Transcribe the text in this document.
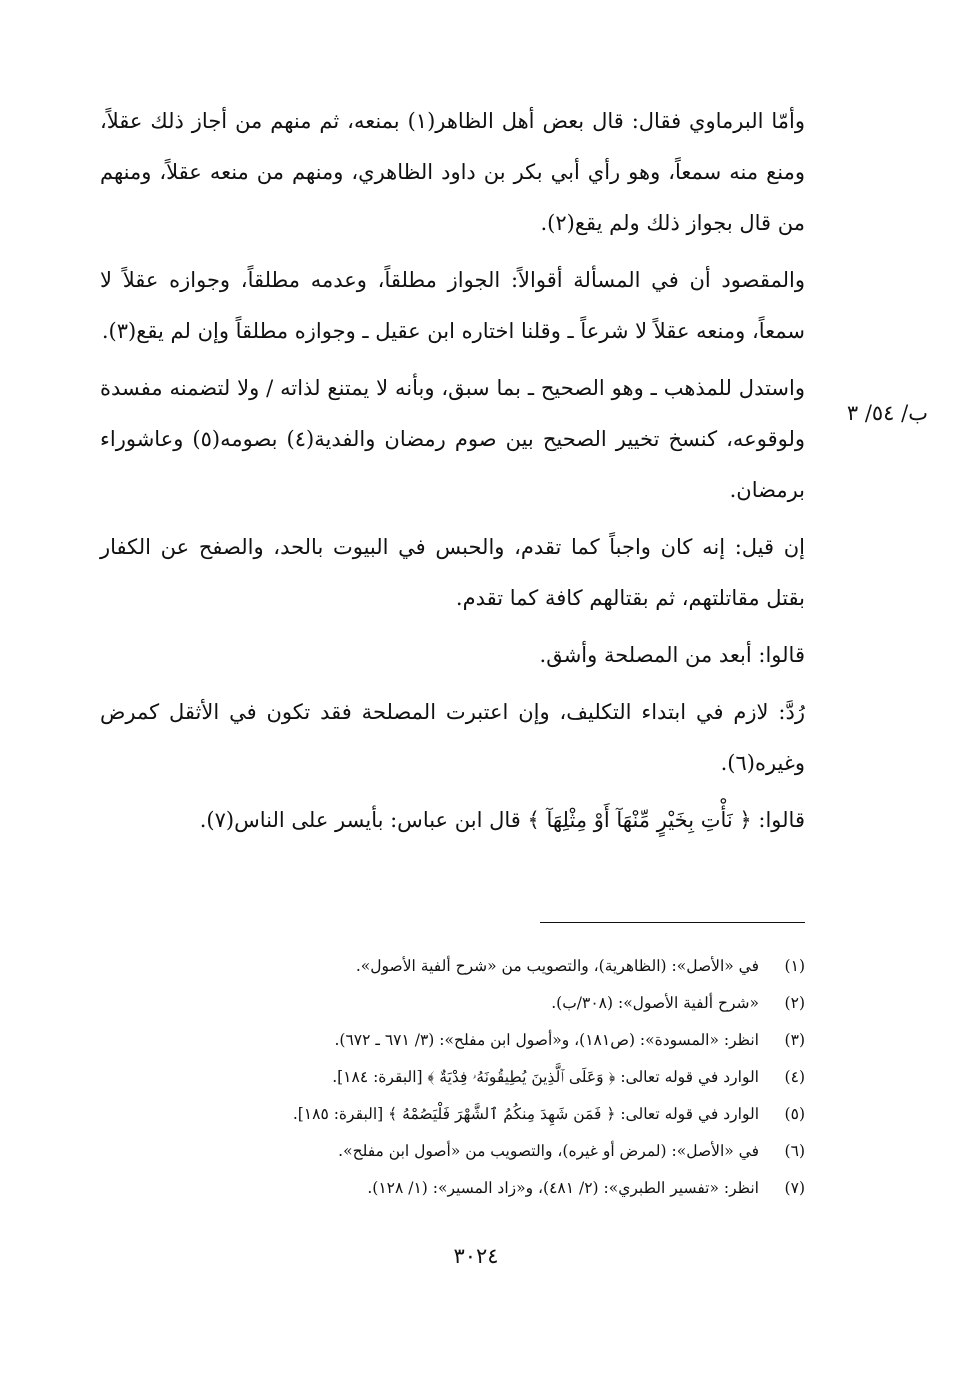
وأمّا البرماوي فقال: قال بعض أهل الظاهر(١) بمنعه، ثم منهم من أجاز ذلك عقلاً، ومنع منه سمعاً، وهو رأي أبي بكر بن داود الظاهري، ومنهم من منعه عقلاً، ومنهم من قال بجواز ذلك ولم يقع(٢).

والمقصود أن في المسألة أقوالاً: الجواز مطلقاً، وعدمه مطلقاً، وجوازه عقلاً لا سمعاً، ومنعه عقلاً لا شرعاً ـ وقلنا اختاره ابن عقيل ـ وجوازه مطلقاً وإن لم يقع(٣).

واستدل للمذهب ـ وهو الصحيح ـ بما سبق، وبأنه لا يمتنع لذاته / ولا لتضمنه مفسدة ولوقوعه، كنسخ تخيير الصحيح بين صوم رمضان والفدية(٤) بصومه(٥) وعاشوراء برمضان.

إن قيل: إنه كان واجباً كما تقدم، والحبس في البيوت بالحد، والصفح عن الكفار بقتل مقاتلتهم، ثم بقتالهم كافة كما تقدم.

قالوا: أبعد من المصلحة وأشق.

رُدَّ: لازم في ابتداء التكليف، وإن اعتبرت المصلحة فقد تكون في الأثقل كمرض وغيره(٦).

قالوا: ﴿ نَأْتِ بِخَيْرٍ مِّنْهَآ أَوْ مِثْلِهَآ ﴾ قال ابن عباس: بأيسر على الناس(٧).

ب/ ٥٤/ ٣
(١)في «الأصل»: (الظاهرية)، والتصويب من «شرح ألفية الأصول».
(٢)«شرح ألفية الأصول»: (٣٠٨/ب).
(٣)انظر: «المسودة»: (ص١٨١)، و«أصول ابن مفلح»: (٣/ ٦٧١ ـ ٦٧٢).
(٤)الوارد في قوله تعالى: ﴿ وَعَلَى ٱلَّذِينَ يُطِيقُونَهُۥ فِدْيَةٌ ﴾ [البقرة: ١٨٤].
(٥)الوارد في قوله تعالى: ﴿ فَمَن شَهِدَ مِنكُمُ ٱلشَّهْرَ فَلْيَصُمْهُ ﴾ [البقرة: ١٨٥].
(٦)في «الأصل»: (لمرض أو غيره)، والتصويب من «أصول ابن مفلح».
(٧)انظر: «تفسير الطبري»: (٢/ ٤٨١)، و«زاد المسير»: (١/ ١٢٨).
٣٠٢٤
